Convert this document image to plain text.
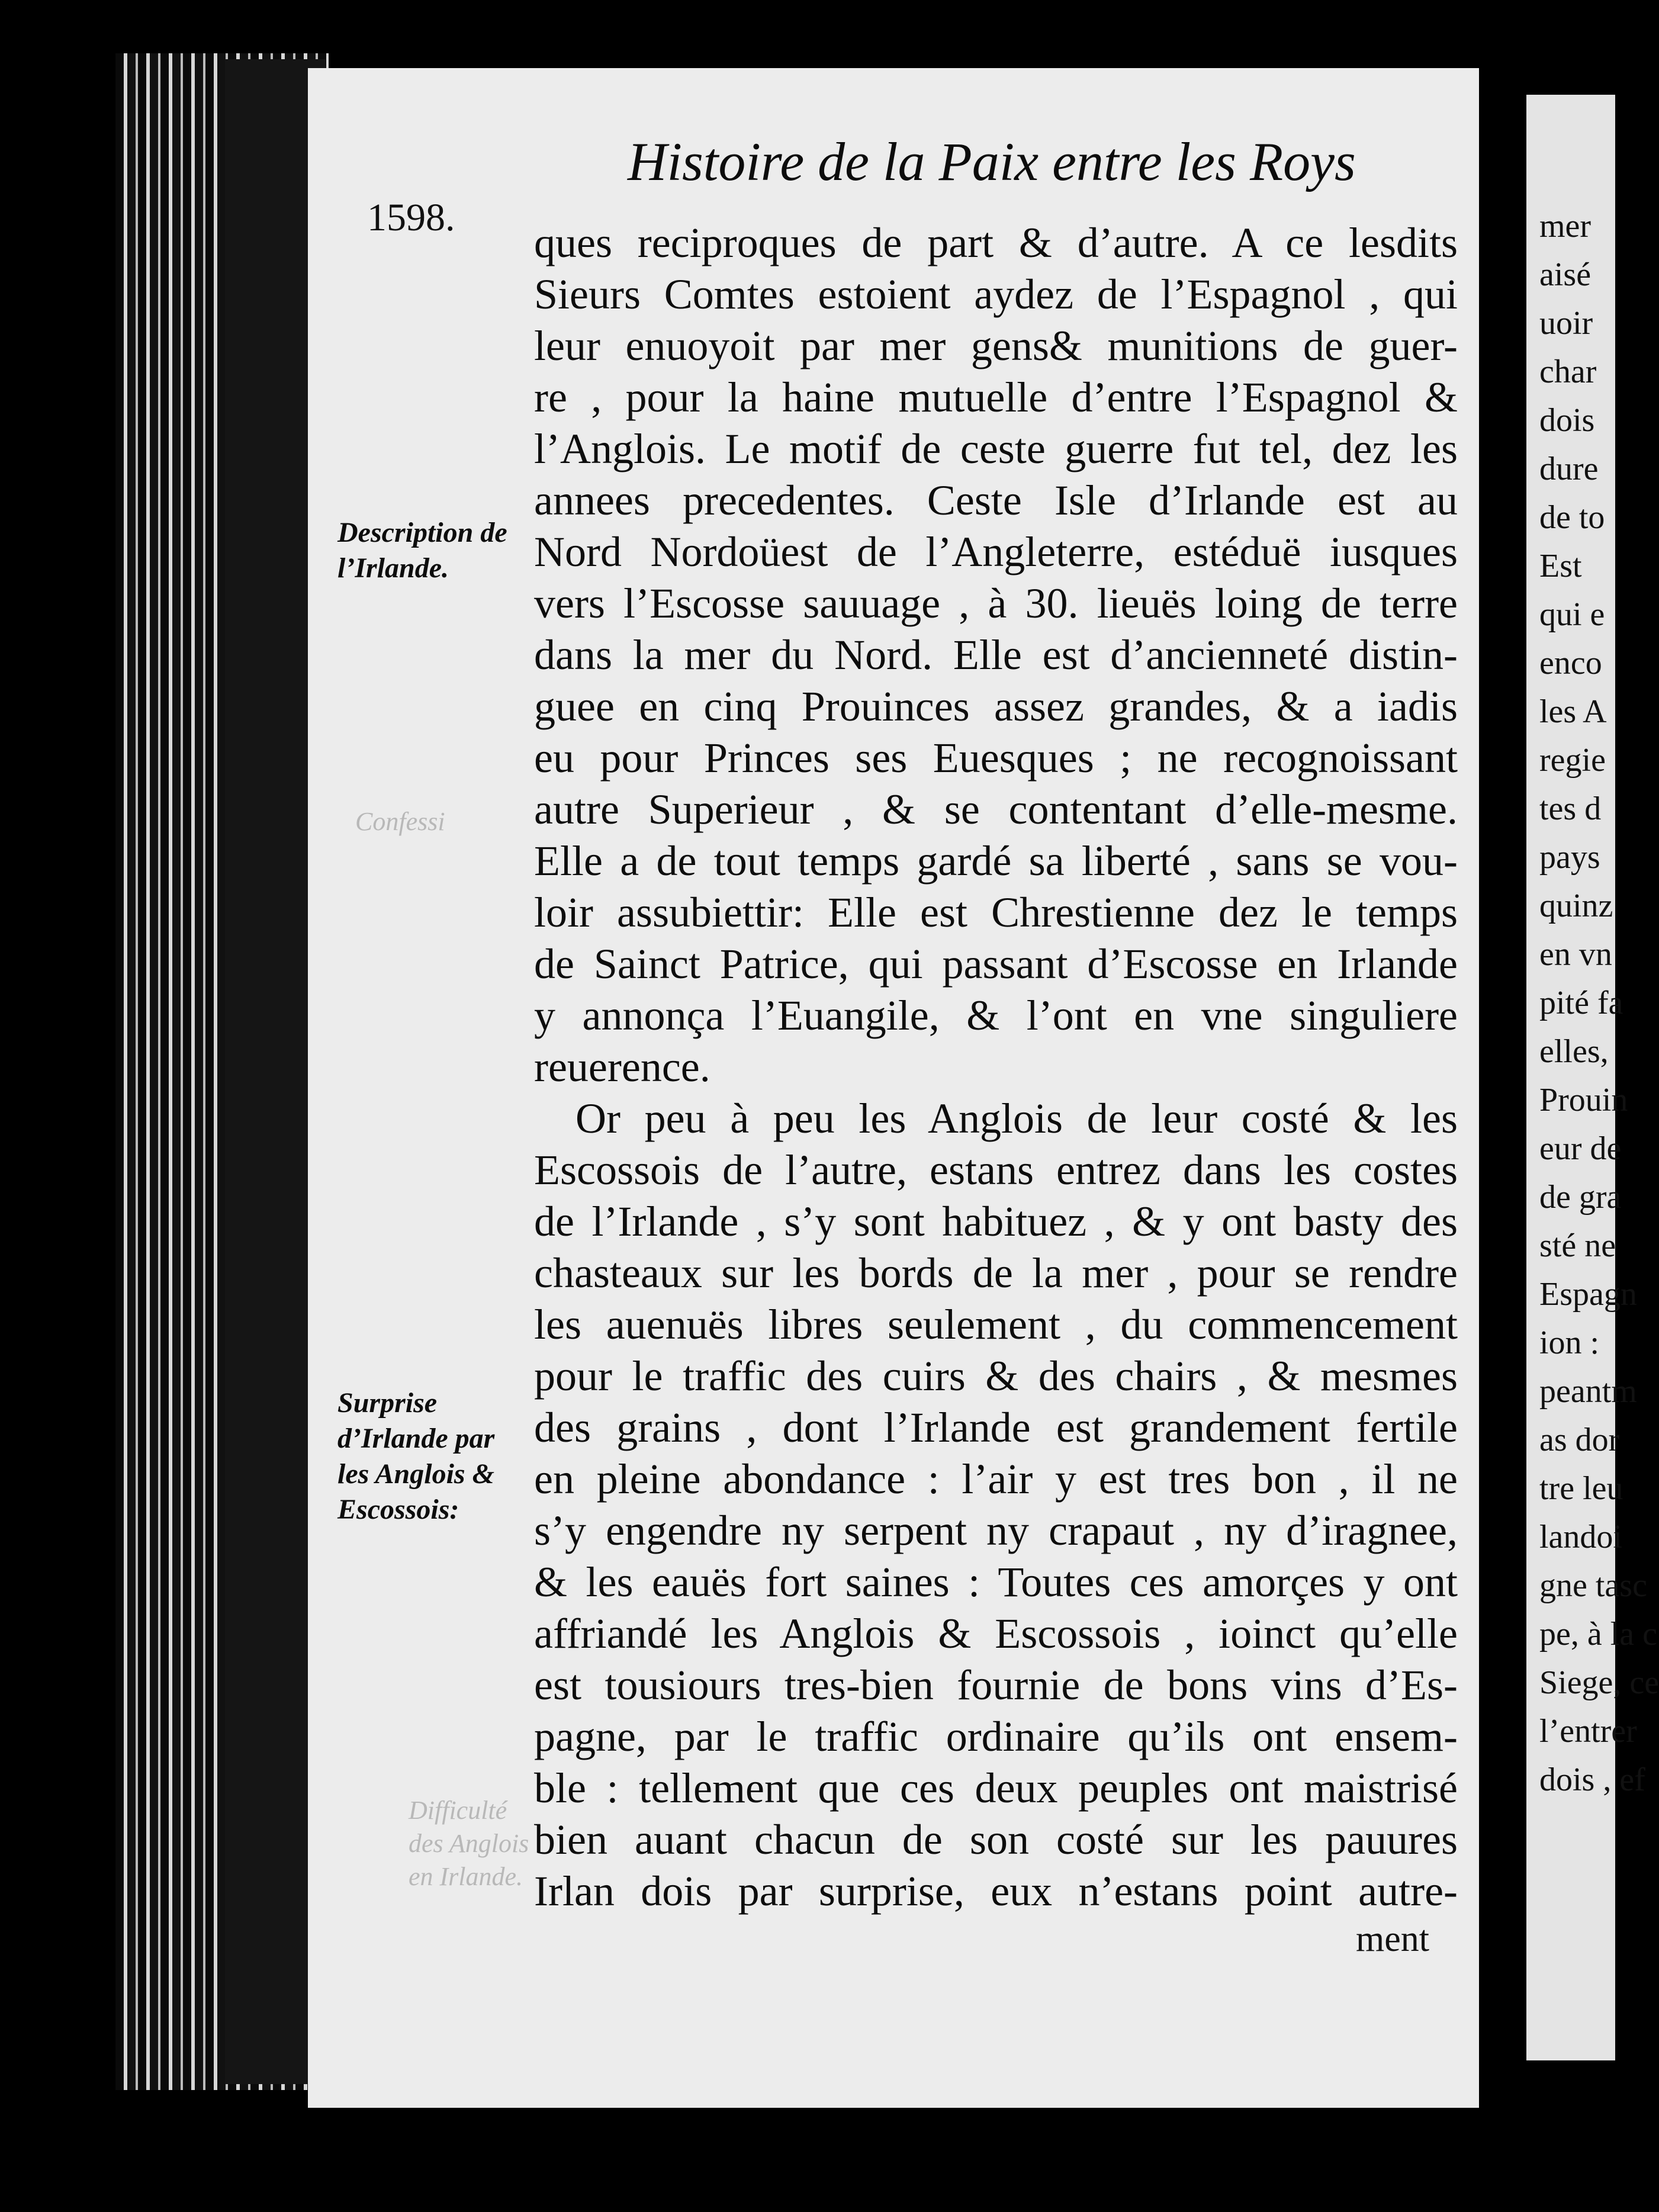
mer
aisé
uoir
char
dois
dure
de to
Est
qui e
enco
les A
regie
tes d
pays
quinz
en vn
pité fa
elles,
Prouin
eur de
de gra
sté ne
Espagn
ion :
peantm
as dor
tre leu
landoi
gne tasc
pe, à la c
Siege, ce
l’entrer
dois , ef
Histoire de la Paix entre les Roys
1598.
ques reciproques de part & d’autre. A ce lesdits
Sieurs Comtes estoient aydez de l’Espagnol , qui
leur enuoyoit par mer gens& munitions de guer-
re , pour la haine mutuelle d’entre l’Espagnol &
l’Anglois. Le motif de ceste guerre fut tel, dez les
annees precedentes. Ceste Isle d’Irlande est au
Nord Nordoüest de l’Angleterre, estéduë iusques
vers l’Escosse sauuage , à 30. lieuës loing de terre
dans la mer du Nord. Elle est d’ancienneté distin-
guee en cinq Prouinces assez grandes, & a iadis
eu pour Princes ses Euesques ; ne recognoissant
autre Superieur , & se contentant d’elle-mesme.
Elle a de tout temps gardé sa liberté , sans se vou-
loir assubiettir: Elle est Chrestienne dez le temps
de Sainct Patrice, qui passant d’Escosse en Irlande
y annonça l’Euangile, & l’ont en vne singuliere
reuerence.
Or peu à peu les Anglois de leur costé & les
Escossois de l’autre, estans entrez dans les costes
de l’Irlande , s’y sont habituez , & y ont basty des
chasteaux sur les bords de la mer , pour se rendre
les auenuës libres seulement , du commencement
pour le traffic des cuirs & des chairs , & mesmes
des grains , dont l’Irlande est grandement fertile
en pleine abondance : l’air y est tres bon , il ne
s’y engendre ny serpent ny crapaut , ny d’iragnee,
& les eauës fort saines : Toutes ces amorçes y ont
affriandé les Anglois & Escossois , ioinct qu’elle
est tousiours tres-bien fournie de bons vins d’Es-
pagne, par le traffic ordinaire qu’ils ont ensem-
ble : tellement que ces deux peuples ont maistrisé
bien auant chacun de son costé sur les pauures
Irlan dois par surprise, eux n’estans point autre-
ment
Description de l’Irlande.
Surprise d’Irlande par les Anglois & Escossois:
Confessi
Difficulté des Anglois en Irlande.
